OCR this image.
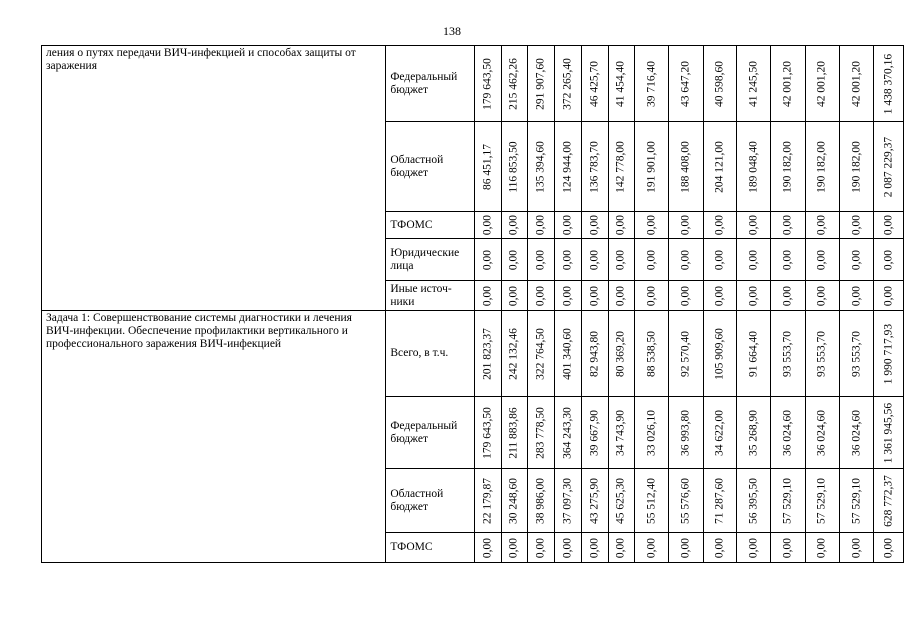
138
ления о путях передачи ВИЧ-инфекцией и способах защиты от заражения	Федеральный бюджет	179 643,50	215 462,26	291 907,60	372 265,40	46 425,70	41 454,40	39 716,40	43 647,20	40 598,60	41 245,50	42 001,20	42 001,20	42 001,20	1 438 370,16

	Областной бюджет	86 451,17	116 853,50	135 394,60	124 944,00	136 783,70	142 778,00	191 901,00	188 408,00	204 121,00	189 048,40	190 182,00	190 182,00	190 182,00	2 087 229,37

	ТФОМС	0,00	0,00	0,00	0,00	0,00	0,00	0,00	0,00	0,00	0,00	0,00	0,00	0,00	0,00

	Юридические лица	0,00	0,00	0,00	0,00	0,00	0,00	0,00	0,00	0,00	0,00	0,00	0,00	0,00	0,00

	Иные источ-ники	0,00	0,00	0,00	0,00	0,00	0,00	0,00	0,00	0,00	0,00	0,00	0,00	0,00	0,00

Задача 1: Совершенствование системы диагностики и лечения ВИЧ-инфекции. Обеспечение профилактики вертикального и профессионального заражения ВИЧ-инфекцией	Всего, в т.ч.	201 823,37	242 132,46	322 764,50	401 340,60	82 943,80	80 369,20	88 538,50	92 570,40	105 909,60	91 664,40	93 553,70	93 553,70	93 553,70	1 990 717,93

	Федеральный бюджет	179 643,50	211 883,86	283 778,50	364 243,30	39 667,90	34 743,90	33 026,10	36 993,80	34 622,00	35 268,90	36 024,60	36 024,60	36 024,60	1 361 945,56

	Областной бюджет	22 179,87	30 248,60	38 986,00	37 097,30	43 275,90	45 625,30	55 512,40	55 576,60	71 287,60	56 395,50	57 529,10	57 529,10	57 529,10	628 772,37

	ТФОМС	0,00	0,00	0,00	0,00	0,00	0,00	0,00	0,00	0,00	0,00	0,00	0,00	0,00	0,00
